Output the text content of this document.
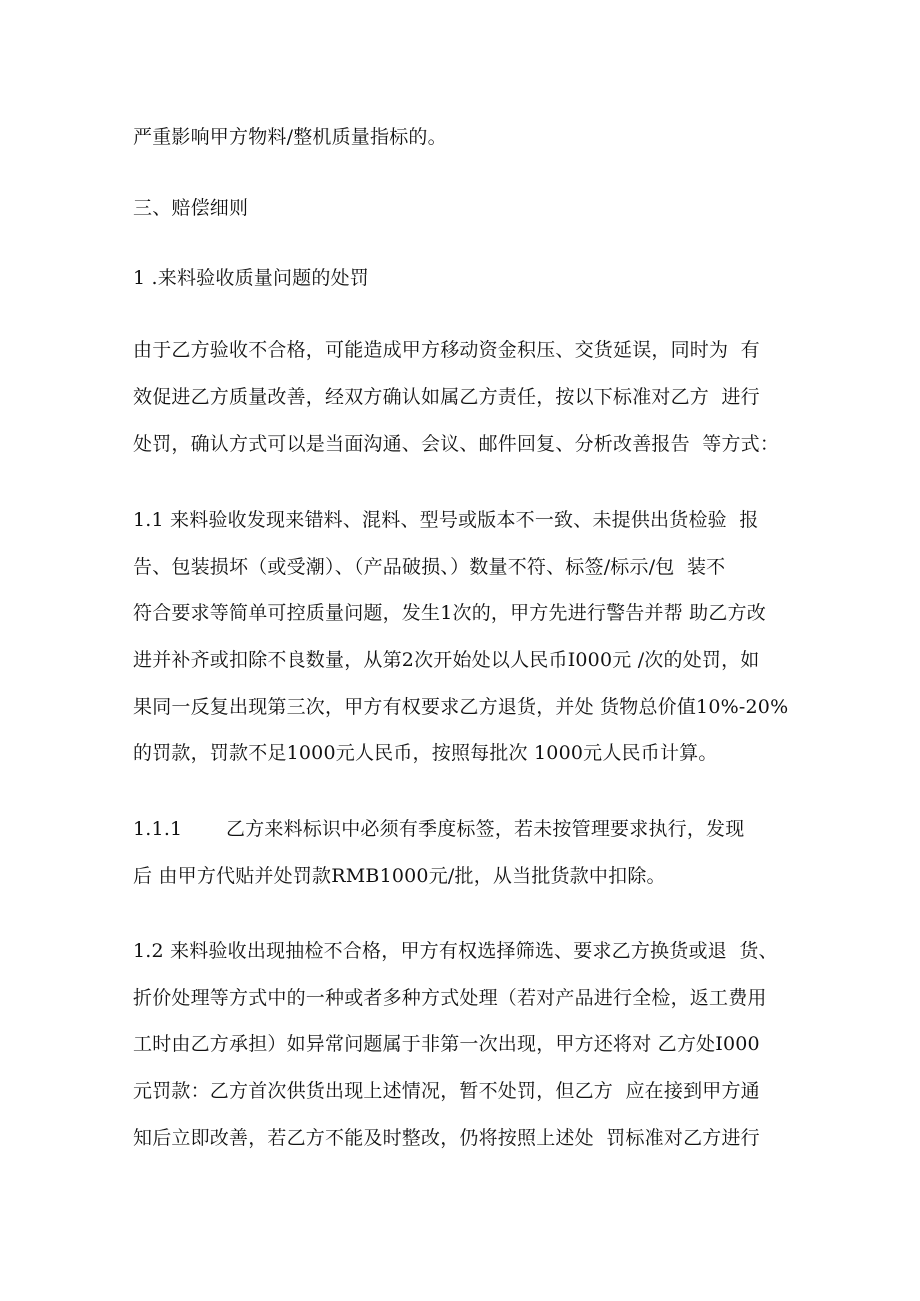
严重影响甲方物料/整机质量指标的。
三、赔偿细则
1 .来料验收质量问题的处罚
由于乙方验收不合格，可能造成甲方移动资金积压、交货延误，同时为  有
效促进乙方质量改善，经双方确认如属乙方责任，按以下标准对乙方  进行
处罚，确认方式可以是当面沟通、会议、邮件回复、分析改善报告  等方式：
1.1 来料验收发现来错料、混料、型号或版本不一致、未提供出货检验  报
告、包装损坏（或受潮）、（产品破损、）数量不符、标签/标示/包  装不
符合要求等简单可控质量问题，发生1次的，甲方先进行警告并帮 助乙方改
进并补齐或扣除不良数量，从第2次开始处以人民币I000元 /次的处罚，如
果同一反复出现第三次，甲方有权要求乙方退货，并处 货物总价值10%-20%
的罚款，罚款不足1000元人民币，按照每批次 1000元人民币计算。
1.1.1       乙方来料标识中必须有季度标签，若未按管理要求执行，发现
后 由甲方代贴并处罚款RMB1000元/批，从当批货款中扣除。
1.2 来料验收出现抽检不合格，甲方有权选择筛选、要求乙方换货或退  货、
折价处理等方式中的一种或者多种方式处理（若对产品进行全检，返工费用
工时由乙方承担）如异常问题属于非第一次出现，甲方还将对 乙方处I000
元罚款：乙方首次供货出现上述情况，暂不处罚，但乙方  应在接到甲方通
知后立即改善，若乙方不能及时整改，仍将按照上述处  罚标准对乙方进行
